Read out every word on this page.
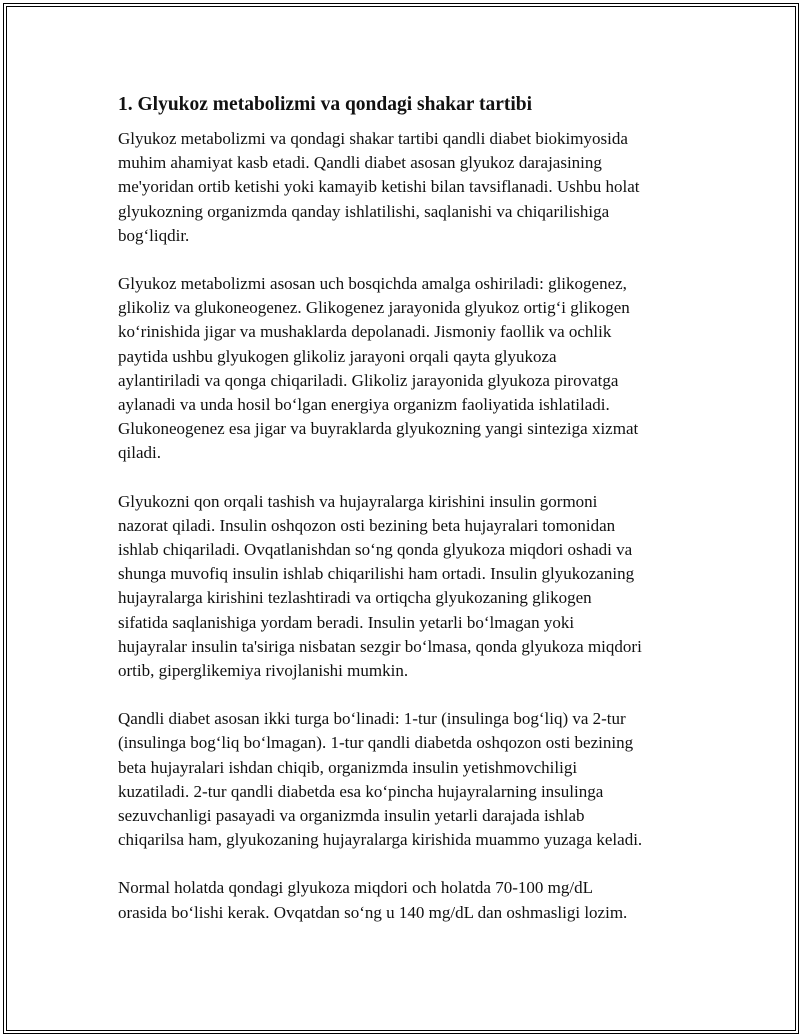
1. Glyukoz metabolizmi va qondagi shakar tartibi
Glyukoz metabolizmi va qondagi shakar tartibi qandli diabet biokimyosida
muhim ahamiyat kasb etadi. Qandli diabet asosan glyukoz darajasining
me'yoridan ortib ketishi yoki kamayib ketishi bilan tavsiflanadi. Ushbu holat
glyukozning organizmda qanday ishlatilishi, saqlanishi va chiqarilishiga
bog‘liqdir.
Glyukoz metabolizmi asosan uch bosqichda amalga oshiriladi: glikogenez,
glikoliz va glukoneogenez. Glikogenez jarayonida glyukoz ortig‘i glikogen
ko‘rinishida jigar va mushaklarda depolanadi. Jismoniy faollik va ochlik
paytida ushbu glyukogen glikoliz jarayoni orqali qayta glyukoza
aylantiriladi va qonga chiqariladi. Glikoliz jarayonida glyukoza pirovatga
aylanadi va unda hosil bo‘lgan energiya organizm faoliyatida ishlatiladi.
Glukoneogenez esa jigar va buyraklarda glyukozning yangi sinteziga xizmat
qiladi.
Glyukozni qon orqali tashish va hujayralarga kirishini insulin gormoni
nazorat qiladi. Insulin oshqozon osti bezining beta hujayralari tomonidan
ishlab chiqariladi. Ovqatlanishdan so‘ng qonda glyukoza miqdori oshadi va
shunga muvofiq insulin ishlab chiqarilishi ham ortadi. Insulin glyukozaning
hujayralarga kirishini tezlashtiradi va ortiqcha glyukozaning glikogen
sifatida saqlanishiga yordam beradi. Insulin yetarli bo‘lmagan yoki
hujayralar insulin ta'siriga nisbatan sezgir bo‘lmasa, qonda glyukoza miqdori
ortib, giperglikemiya rivojlanishi mumkin.
Qandli diabet asosan ikki turga bo‘linadi: 1-tur (insulinga bog‘liq) va 2-tur
(insulinga bog‘liq bo‘lmagan). 1-tur qandli diabetda oshqozon osti bezining
beta hujayralari ishdan chiqib, organizmda insulin yetishmovchiligi
kuzatiladi. 2-tur qandli diabetda esa ko‘pincha hujayralarning insulinga
sezuvchanligi pasayadi va organizmda insulin yetarli darajada ishlab
chiqarilsa ham, glyukozaning hujayralarga kirishida muammo yuzaga keladi.
Normal holatda qondagi glyukoza miqdori och holatda 70-100 mg/dL
orasida bo‘lishi kerak. Ovqatdan so‘ng u 140 mg/dL dan oshmasligi lozim.
